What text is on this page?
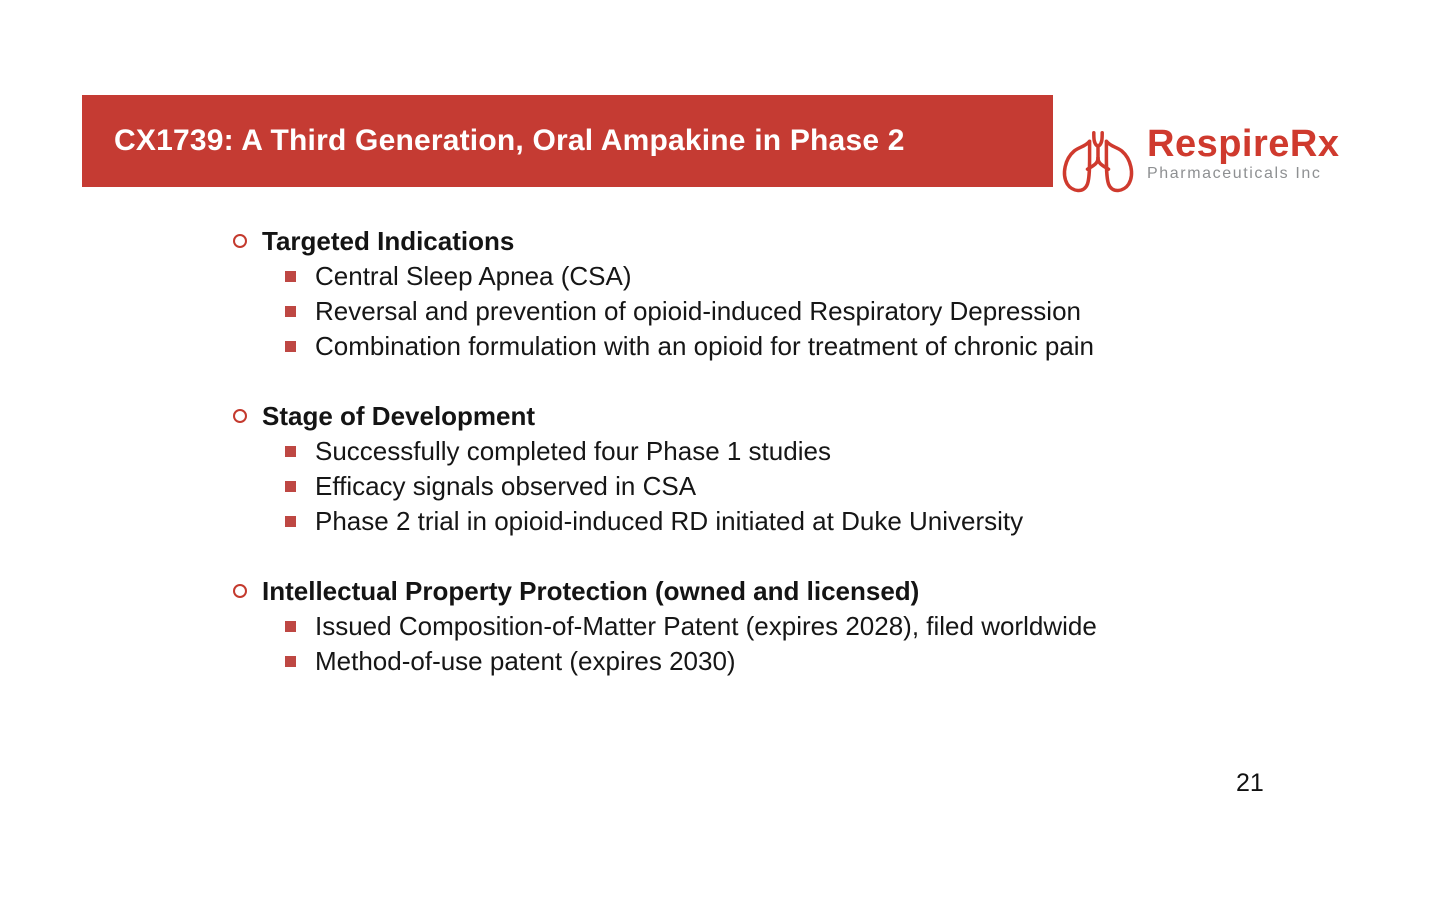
CX1739: A Third Generation, Oral Ampakine in Phase 2	RespireRx
Pharmaceuticals Inc
Targeted Indications
Central Sleep Apnea (CSA)
Reversal and prevention of opioid-induced Respiratory Depression
Combination formulation with an opioid for treatment of chronic pain
Stage of Development
Successfully completed four Phase 1 studies
Efficacy signals observed in CSA
Phase 2 trial in opioid-induced RD initiated at Duke University
Intellectual Property Protection (owned and licensed)
Issued Composition-of-Matter Patent (expires 2028), filed worldwide
Method-of-use patent (expires 2030)
21
